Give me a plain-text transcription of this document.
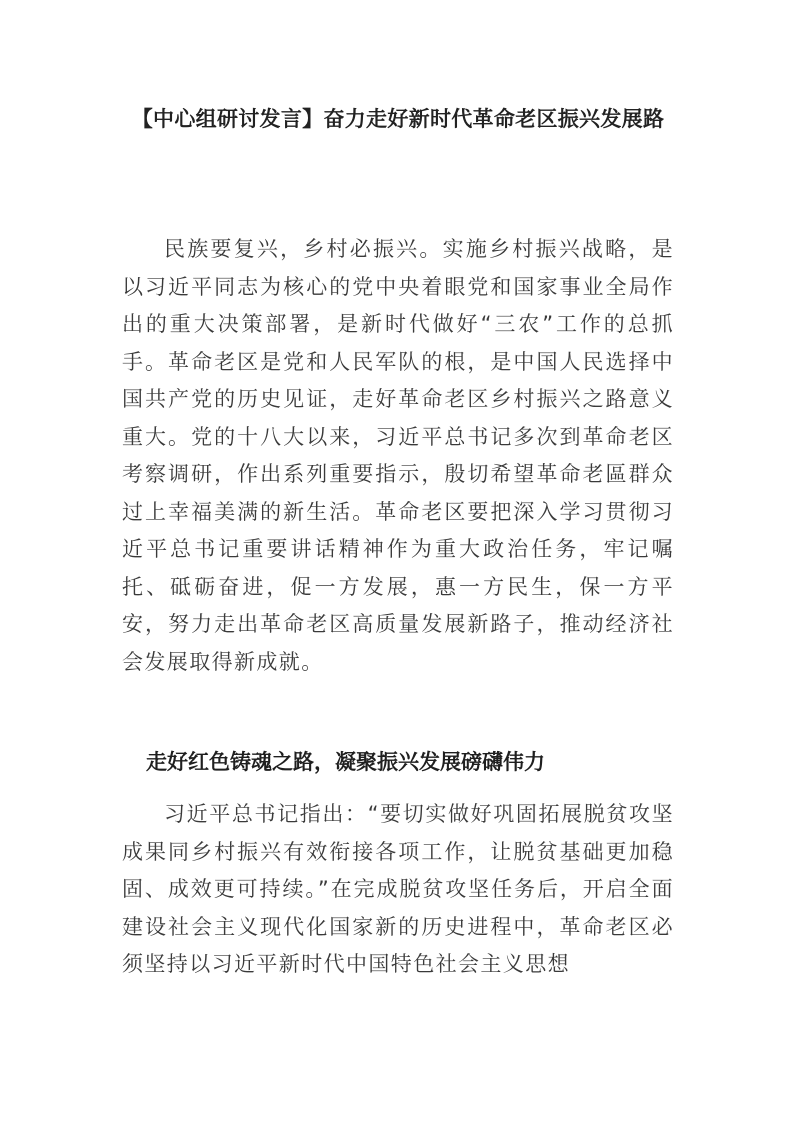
【中心组研讨发言】奋力走好新时代革命老区振兴发展路

民族要复兴，乡村必振兴。实施乡村振兴战略，是以习近平同志为核心的党中央着眼党和国家事业全局作出的重大决策部署，是新时代做好“三农”工作的总抓手。革命老区是党和人民军队的根，是中国人民选择中国共产党的历史见证，走好革命老区乡村振兴之路意义重大。党的十八大以来，习近平总书记多次到革命老区考察调研，作出系列重要指示，殷切希望革命老區群众过上幸福美满的新生活。革命老区要把深入学习贯彻习近平总书记重要讲话精神作为重大政治任务，牢记嘱托、砥砺奋进，促一方发展，惠一方民生，保一方平安，努力走出革命老区高质量发展新路子，推动经济社会发展取得新成就。

走好红色铸魂之路，凝聚振兴发展磅礴伟力

习近平总书记指出：“要切实做好巩固拓展脱贫攻坚成果同乡村振兴有效衔接各项工作，让脱贫基础更加稳固、成效更可持续。”在完成脱贫攻坚任务后，开启全面建设社会主义现代化国家新的历史进程中，革命老区必须坚持以习近平新时代中国特色社会主义思想
